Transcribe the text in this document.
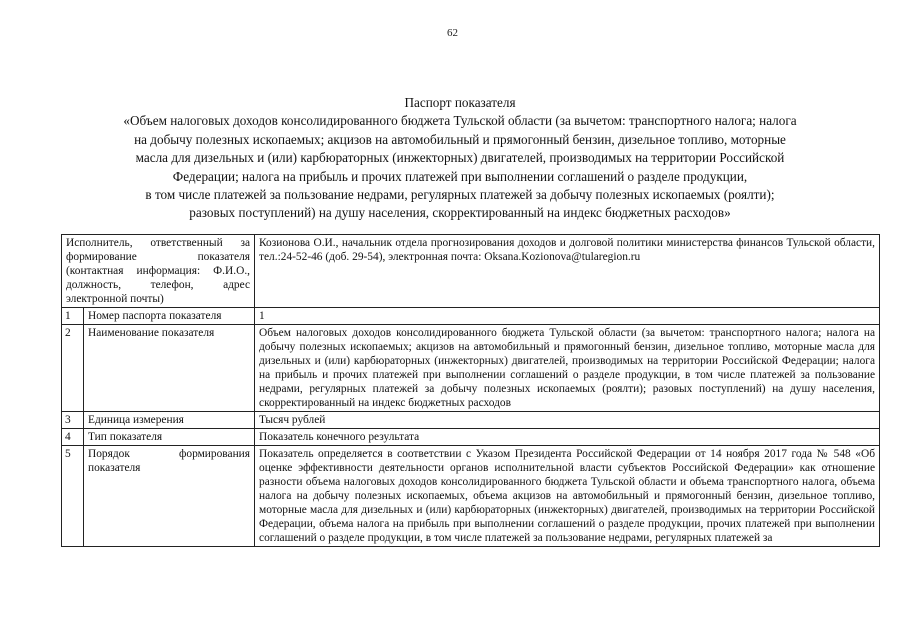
62
Паспорт показателя
«Объем налоговых доходов консолидированного бюджета Тульской области (за вычетом: транспортного налога; налога
на добычу полезных ископаемых; акцизов на автомобильный и прямогонный бензин, дизельное топливо, моторные
масла для дизельных и (или) карбюраторных (инжекторных) двигателей, производимых на территории Российской
Федерации; налога на прибыль и прочих платежей при выполнении соглашений о разделе продукции,
в том числе платежей за пользование недрами, регулярных платежей за добычу полезных ископаемых (роялти);
разовых поступлений) на душу населения, скорректированный на индекс бюджетных расходов»
Исполнитель, ответственный за формирование показателя (контактная информация: Ф.И.О., должность, телефон, адрес электронной почты)		Козионова О.И., начальник отдела прогнозирования доходов и долговой политики министерства финансов Тульской области, тел.:24-52-46 (доб. 29-54), электронная почта: Oksana.Kozionova@tularegion.ru
1	Номер паспорта показателя	1
2	Наименование показателя	Объем налоговых доходов консолидированного бюджета Тульской области (за вычетом: транспортного налога; налога на добычу полезных ископаемых; акцизов на автомобильный и прямогонный бензин, дизельное топливо, моторные масла для дизельных и (или) карбюраторных (инжекторных) двигателей, производимых на территории Российской Федерации; налога на прибыль и прочих платежей при выполнении соглашений о разделе продукции, в том числе платежей за пользование недрами, регулярных платежей за добычу полезных ископаемых (роялти); разовых поступлений) на душу населения, скорректированный на индекс бюджетных расходов
3	Единица измерения	Тысяч рублей
4	Тип показателя	Показатель конечного результата
5	Порядок формирования показателя	Показатель определяется в соответствии с Указом Президента Российской Федерации от 14 ноября 2017 года № 548 «Об оценке эффективности деятельности органов исполнительной власти субъектов Российской Федерации» как отношение разности объема налоговых доходов консолидированного бюджета Тульской области и объема транспортного налога, объема налога на добычу полезных ископаемых, объема акцизов на автомобильный и прямогонный бензин, дизельное топливо, моторные масла для дизельных и (или) карбюраторных (инжекторных) двигателей, производимых на территории Российской Федерации, объема налога на прибыль при выполнении соглашений о разделе продукции, прочих платежей при выполнении соглашений о разделе продукции, в том числе платежей за пользование недрами, регулярных платежей за
